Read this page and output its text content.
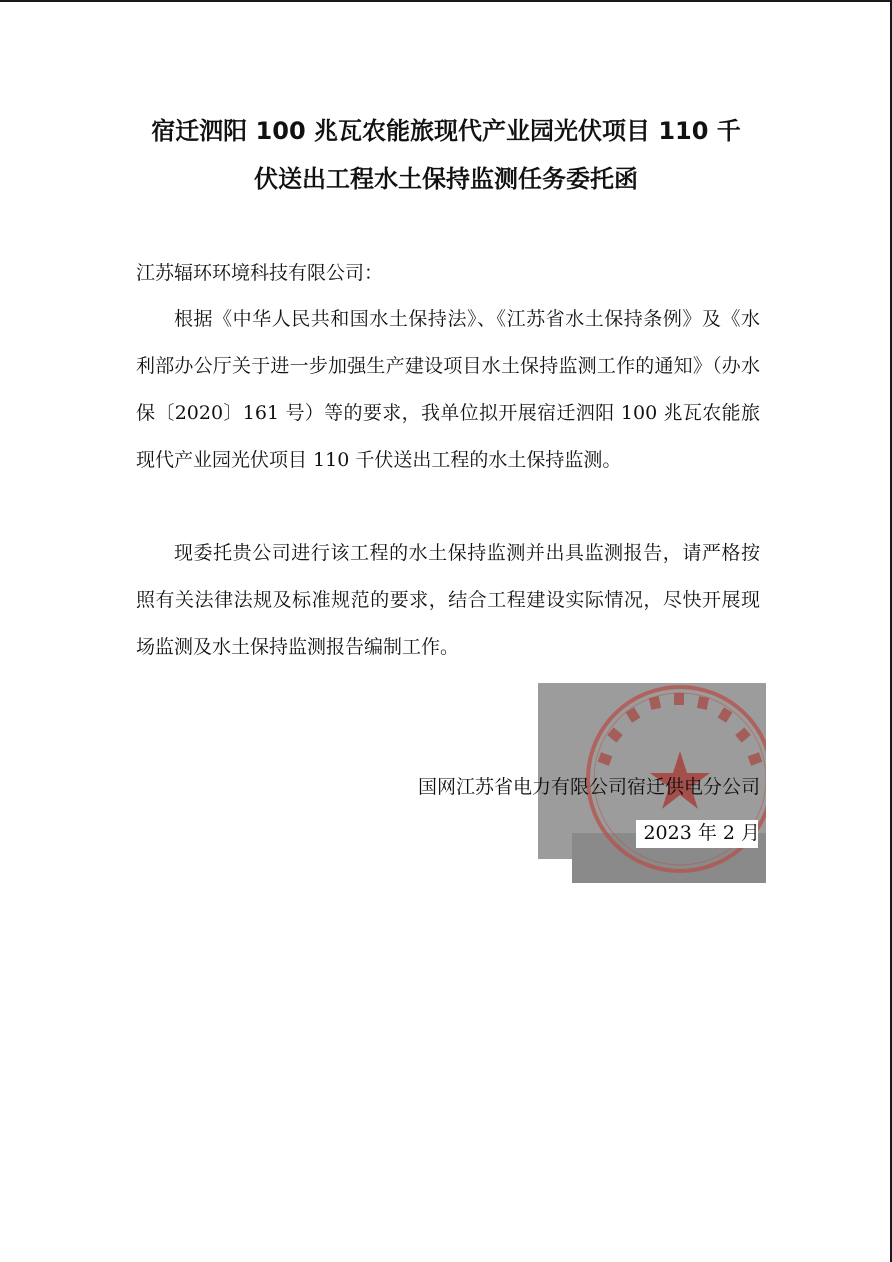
宿迁泗阳 100 兆瓦农能旅现代产业园光伏项目 110 千
伏送出工程水土保持监测任务委托函
江苏辐环环境科技有限公司：
根据《中华人民共和国水土保持法》、《江苏省水土保持条例》及《水利部办公厅关于进一步加强生产建设项目水土保持监测工作的通知》（办水保〔2020〕161 号）等的要求，我单位拟开展宿迁泗阳 100 兆瓦农能旅现代产业园光伏项目 110 千伏送出工程的水土保持监测。
现委托贵公司进行该工程的水土保持监测并出具监测报告，请严格按照有关法律法规及标准规范的要求，结合工程建设实际情况，尽快开展现场监测及水土保持监测报告编制工作。
国网江苏省电力有限公司宿迁供电分公司
2023 年 2 月
